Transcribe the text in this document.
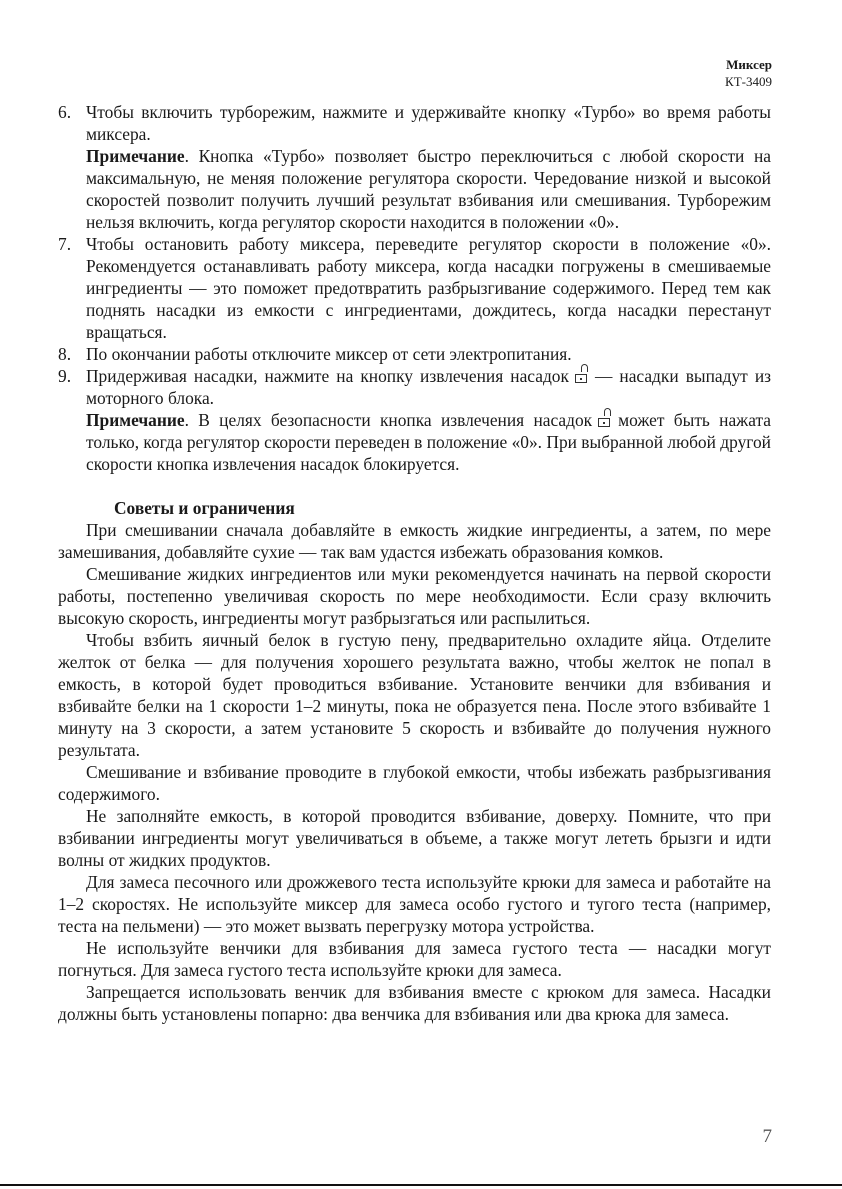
Миксер
КТ-3409
6. Чтобы включить турборежим, нажмите и удерживайте кнопку «Турбо» во время работы миксера.

Примечание. Кнопка «Турбо» позволяет быстро переключиться с любой скорости на максимальную, не меняя положение регулятора скорости. Чередование низкой и высокой скоростей позволит получить лучший результат взбивания или смешивания. Турборежим нельзя включить, когда регулятор скорости находится в положении «0».

7. Чтобы остановить работу миксера, переведите регулятор скорости в положение «0». Рекомендуется останавливать работу миксера, когда насадки погружены в смешиваемые ингредиенты — это поможет предотвратить разбрызгивание содержимого. Перед тем как поднять насадки из емкости с ингредиентами, дождитесь, когда насадки перестанут вращаться.

8. По окончании работы отключите миксер от сети электропитания.

9. Придерживая насадки, нажмите на кнопку извлечения насадок — насадки выпадут из моторного блока.

Примечание. В целях безопасности кнопка извлечения насадок может быть нажата только, когда регулятор скорости переведен в положение «0». При выбранной любой другой скорости кнопка извлечения насадок блокируется.

Советы и ограничения

При смешивании сначала добавляйте в емкость жидкие ингредиенты, а затем, по мере замешивания, добавляйте сухие — так вам удастся избежать образования комков.

Смешивание жидких ингредиентов или муки рекомендуется начинать на первой скорости работы, постепенно увеличивая скорость по мере необходимости. Если сразу включить высокую скорость, ингредиенты могут разбрызгаться или распылиться.

Чтобы взбить яичный белок в густую пену, предварительно охладите яйца. Отделите желток от белка — для получения хорошего результата важно, чтобы желток не попал в емкость, в которой будет проводиться взбивание. Установите венчики для взбивания и взбивайте белки на 1 скорости 1–2 минуты, пока не образуется пена. После этого взбивайте 1 минуту на 3 скорости, а затем установите 5 скорость и взбивайте до получения нужного результата.

Смешивание и взбивание проводите в глубокой емкости, чтобы избежать разбрызгивания содержимого.

Не заполняйте емкость, в которой проводится взбивание, доверху. Помните, что при взбивании ингредиенты могут увеличиваться в объеме, а также могут лететь брызги и идти волны от жидких продуктов.

Для замеса песочного или дрожжевого теста используйте крюки для замеса и работайте на 1–2 скоростях. Не используйте миксер для замеса особо густого и тугого теста (например, теста на пельмени) — это может вызвать перегрузку мотора устройства.

Не используйте венчики для взбивания для замеса густого теста — насадки могут погнуться. Для замеса густого теста используйте крюки для замеса.

Запрещается использовать венчик для взбивания вместе с крюком для замеса. Насадки должны быть установлены попарно: два венчика для взбивания или два крюка для замеса.

7
